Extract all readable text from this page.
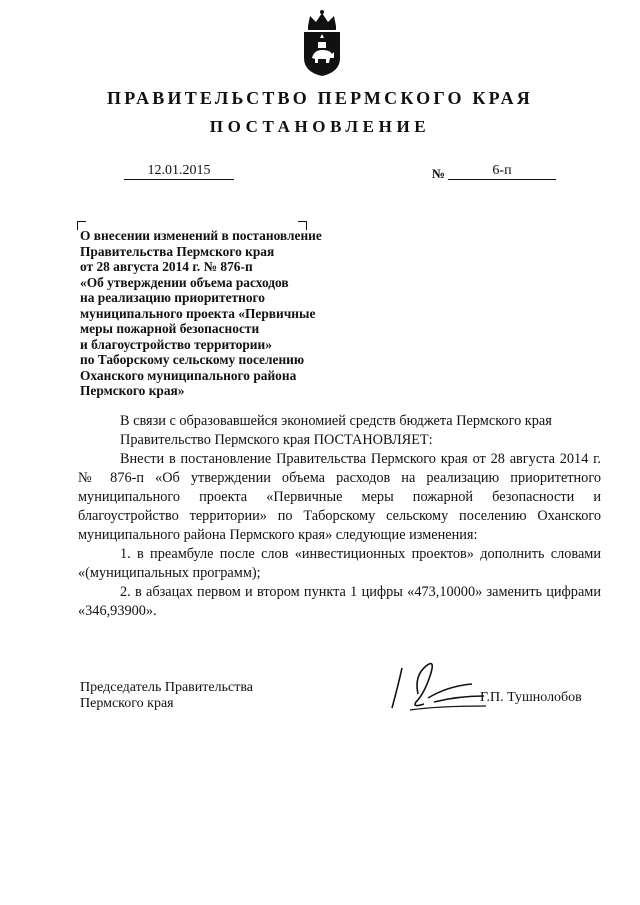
ПРАВИТЕЛЬСТВО ПЕРМСКОГО КРАЯ
ПОСТАНОВЛЕНИЕ
12.01.2015	№	6-п
О внесении изменений в постановление
Правительства Пермского края
от 28 августа 2014 г. № 876-п
«Об утверждении объема расходов
на реализацию приоритетного
муниципального проекта «Первичные
меры пожарной безопасности
и благоустройство территории»
по Таборскому сельскому поселению
Оханского муниципального района
Пермского края»

В связи с образовавшейся экономией средств бюджета Пермского края

Правительство Пермского края ПОСТАНОВЛЯЕТ:

Внести в постановление Правительства Пермского края от 28 августа 2014 г. № 876-п «Об утверждении объема расходов на реализацию приоритетного муниципального проекта «Первичные меры пожарной безопасности и благоустройство территории» по Таборскому сельскому поселению Оханского муниципального района Пермского края» следующие изменения:

1. в преамбуле после слов «инвестиционных проектов» дополнить словами «(муниципальных программ);

2. в абзацах первом и втором пункта 1 цифры «473,10000» заменить цифрами «346,93900».

Председатель Правительства
Пермского края	Г.П. Тушнолобов
